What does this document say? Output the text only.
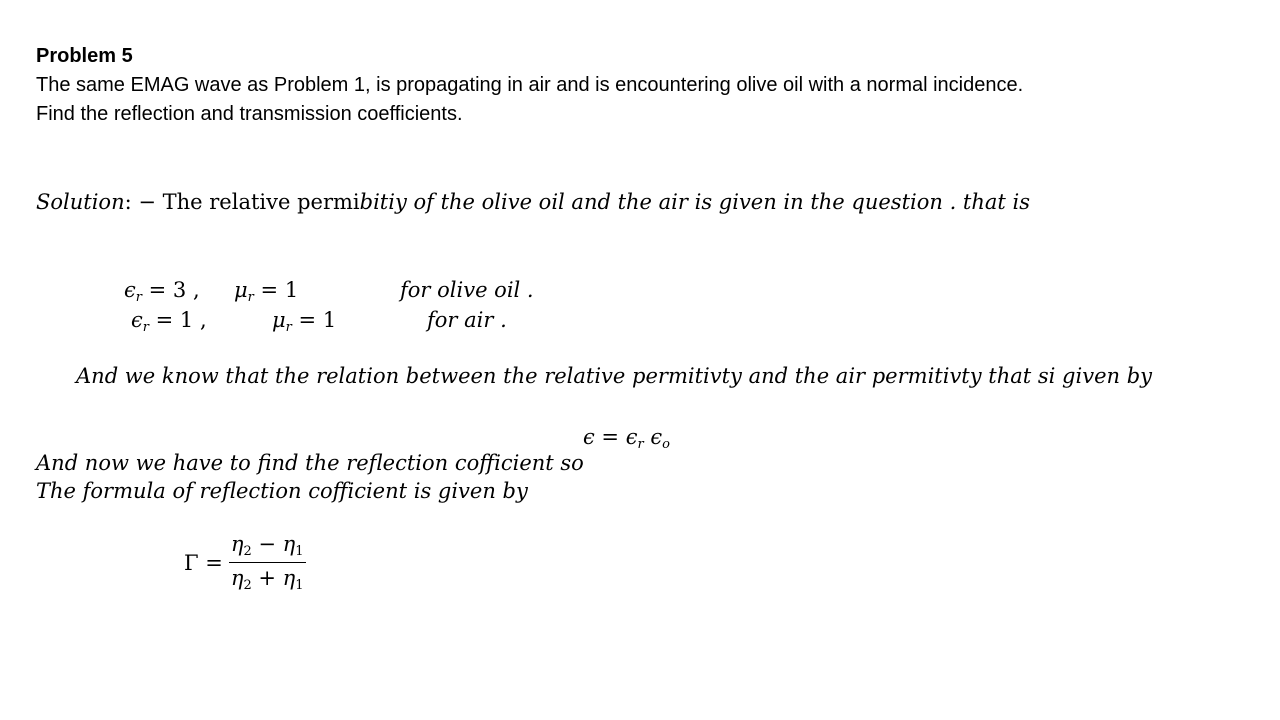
Problem 5
The same EMAG wave as Problem 1, is propagating in air and is encountering olive oil with a normal incidence.
Find the reflection and transmission coefficients.
Solution: − The relative permibitiy of the olive oil and the air is given in the question . that is
$\epsilon_r = 3$ , $\mu_r = 1$	for olive oil .
$\epsilon_r = 1$ ,	$\mu_r = 1$	for air .
And we know that the relation between the relative permitivty and the air permitivty that si given by
$\epsilon = \epsilon_r$ $\epsilon_o$
And now we have to find the reflection cofficient so
The formula of reflection cofficient is given by
$\Gamma = \frac{\eta_2 - \eta_1}{\eta_2 + \eta_1}$
